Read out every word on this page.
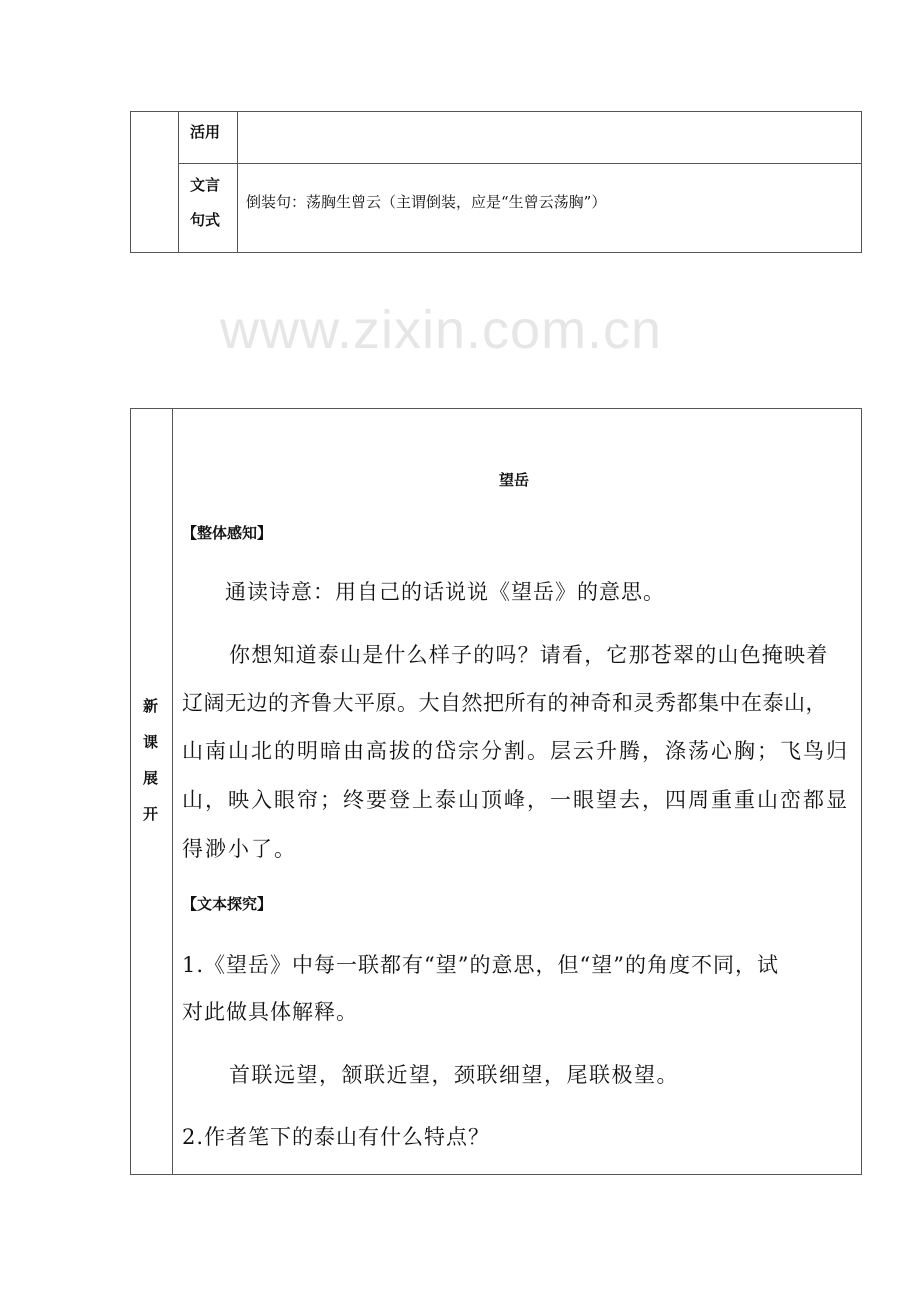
www.zixin.com.cn
活用
文言
句式
倒装句：荡胸生曾云（主谓倒装，应是“生曾云荡胸”）
新
课
展
开
望岳
【整体感知】
通读诗意：用自己的话说说《望岳》的意思。
你想知道泰山是什么样子的吗？请看，它那苍翠的山色掩映着
辽阔无边的齐鲁大平原。大自然把所有的神奇和灵秀都集中在泰山，
山南山北的明暗由高拔的岱宗分割。层云升腾，涤荡心胸；飞鸟归
山，映入眼帘；终要登上泰山顶峰，一眼望去，四周重重山峦都显
得渺小了。
【文本探究】
1.《望岳》中每一联都有“望”的意思，但“望”的角度不同，试
对此做具体解释。
首联远望，颔联近望，颈联细望，尾联极望。
2.作者笔下的泰山有什么特点？
